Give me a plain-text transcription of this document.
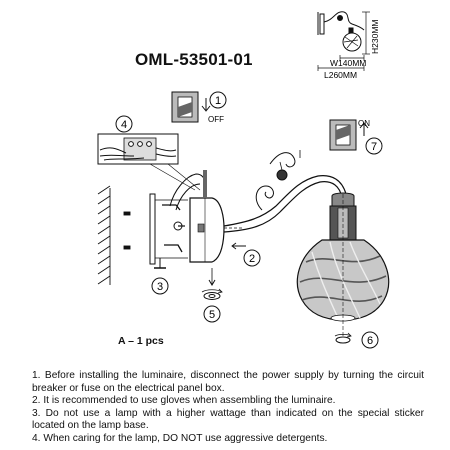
OML-53501-01
H230MM
W140MM
L260MM
1
OFF
4
3
5
2
6
ON
7
A – 1 pcs
1. Before installing the luminaire, disconnect the power supply by turning the circuit breaker or fuse on the electrical panel box.
2. It is recommended to use gloves when assembling the luminaire.
3. Do not use a lamp with a higher wattage than indicated on the special sticker located on the lamp base.
4. When caring for the lamp, DO NOT use aggressive detergents.
